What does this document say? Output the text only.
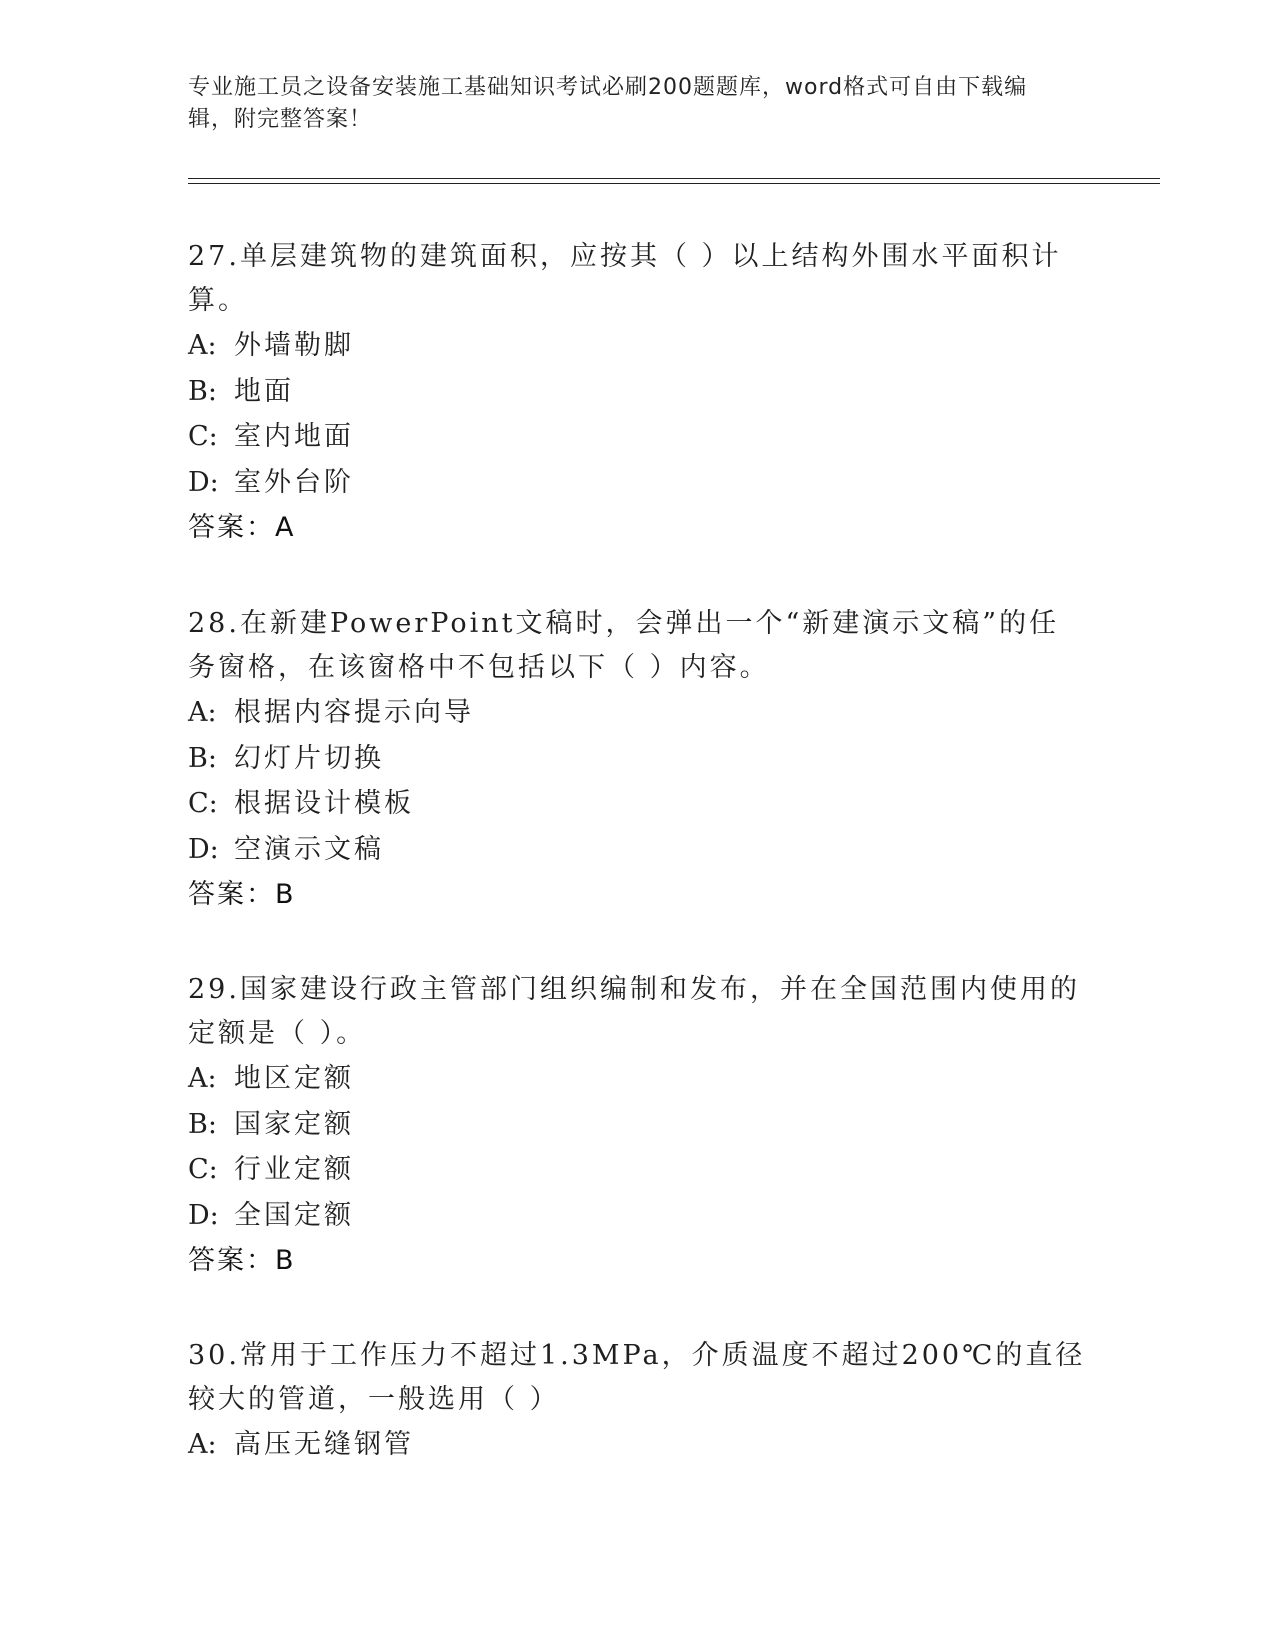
专业施工员之设备安装施工基础知识考试必刷200题题库，word格式可自由下载编辑，附完整答案！

27.单层建筑物的建筑面积，应按其（ ）以上结构外围水平面积计算。

A: 外墙勒脚

B: 地面

C: 室内地面

D: 室外台阶

答案：A

28.在新建PowerPoint文稿时，会弹出一个“新建演示文稿”的任务窗格，在该窗格中不包括以下（ ）内容。

A: 根据内容提示向导

B: 幻灯片切换

C: 根据设计模板

D: 空演示文稿

答案：B

29.国家建设行政主管部门组织编制和发布，并在全国范围内使用的定额是（ ）。

A: 地区定额

B: 国家定额

C: 行业定额

D: 全国定额

答案：B

30.常用于工作压力不超过1.3MPa，介质温度不超过200℃的直径较大的管道，一般选用（ ）

A: 高压无缝钢管
